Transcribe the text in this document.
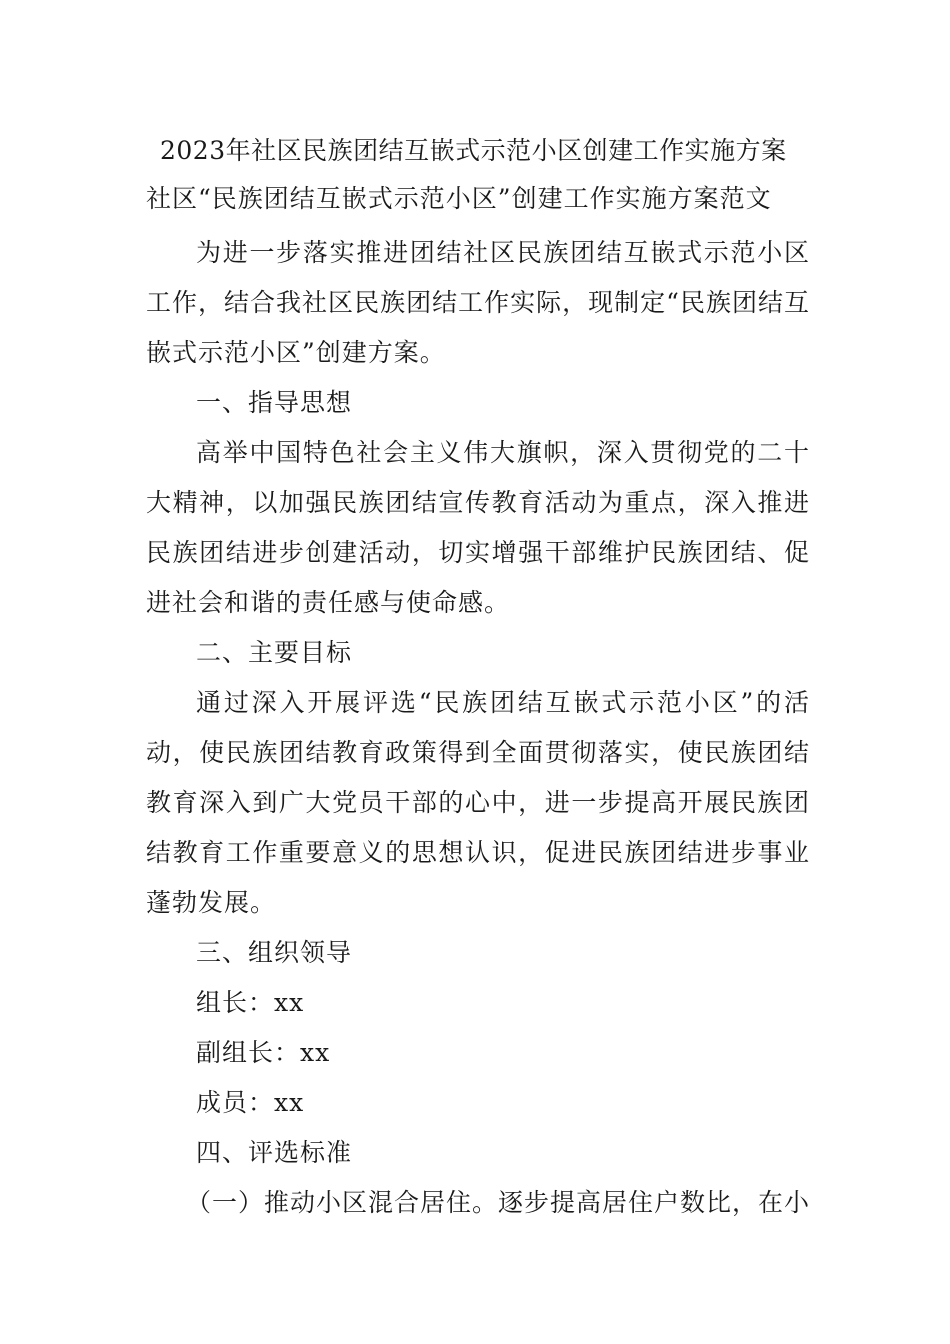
2023年社区民族团结互嵌式示范小区创建工作实施方案
社区“民族团结互嵌式示范小区”创建工作实施方案范文

为进一步落实推进团结社区民族团结互嵌式示范小区工作，结合我社区民族团结工作实际，现制定“民族团结互嵌式示范小区”创建方案。

一、指导思想

高举中国特色社会主义伟大旗帜，深入贯彻党的二十大精神，以加强民族团结宣传教育活动为重点，深入推进民族团结进步创建活动，切实增强干部维护民族团结、促进社会和谐的责任感与使命感。

二、主要目标

通过深入开展评选“民族团结互嵌式示范小区”的活动，使民族团结教育政策得到全面贯彻落实，使民族团结教育深入到广大党员干部的心中，进一步提高开展民族团结教育工作重要意义的思想认识，促进民族团结进步事业蓬勃发展。

三、组织领导

组长：xx

副组长：xx

成员：xx

四、评选标准

（一）推动小区混合居住。逐步提高居住户数比，在小
